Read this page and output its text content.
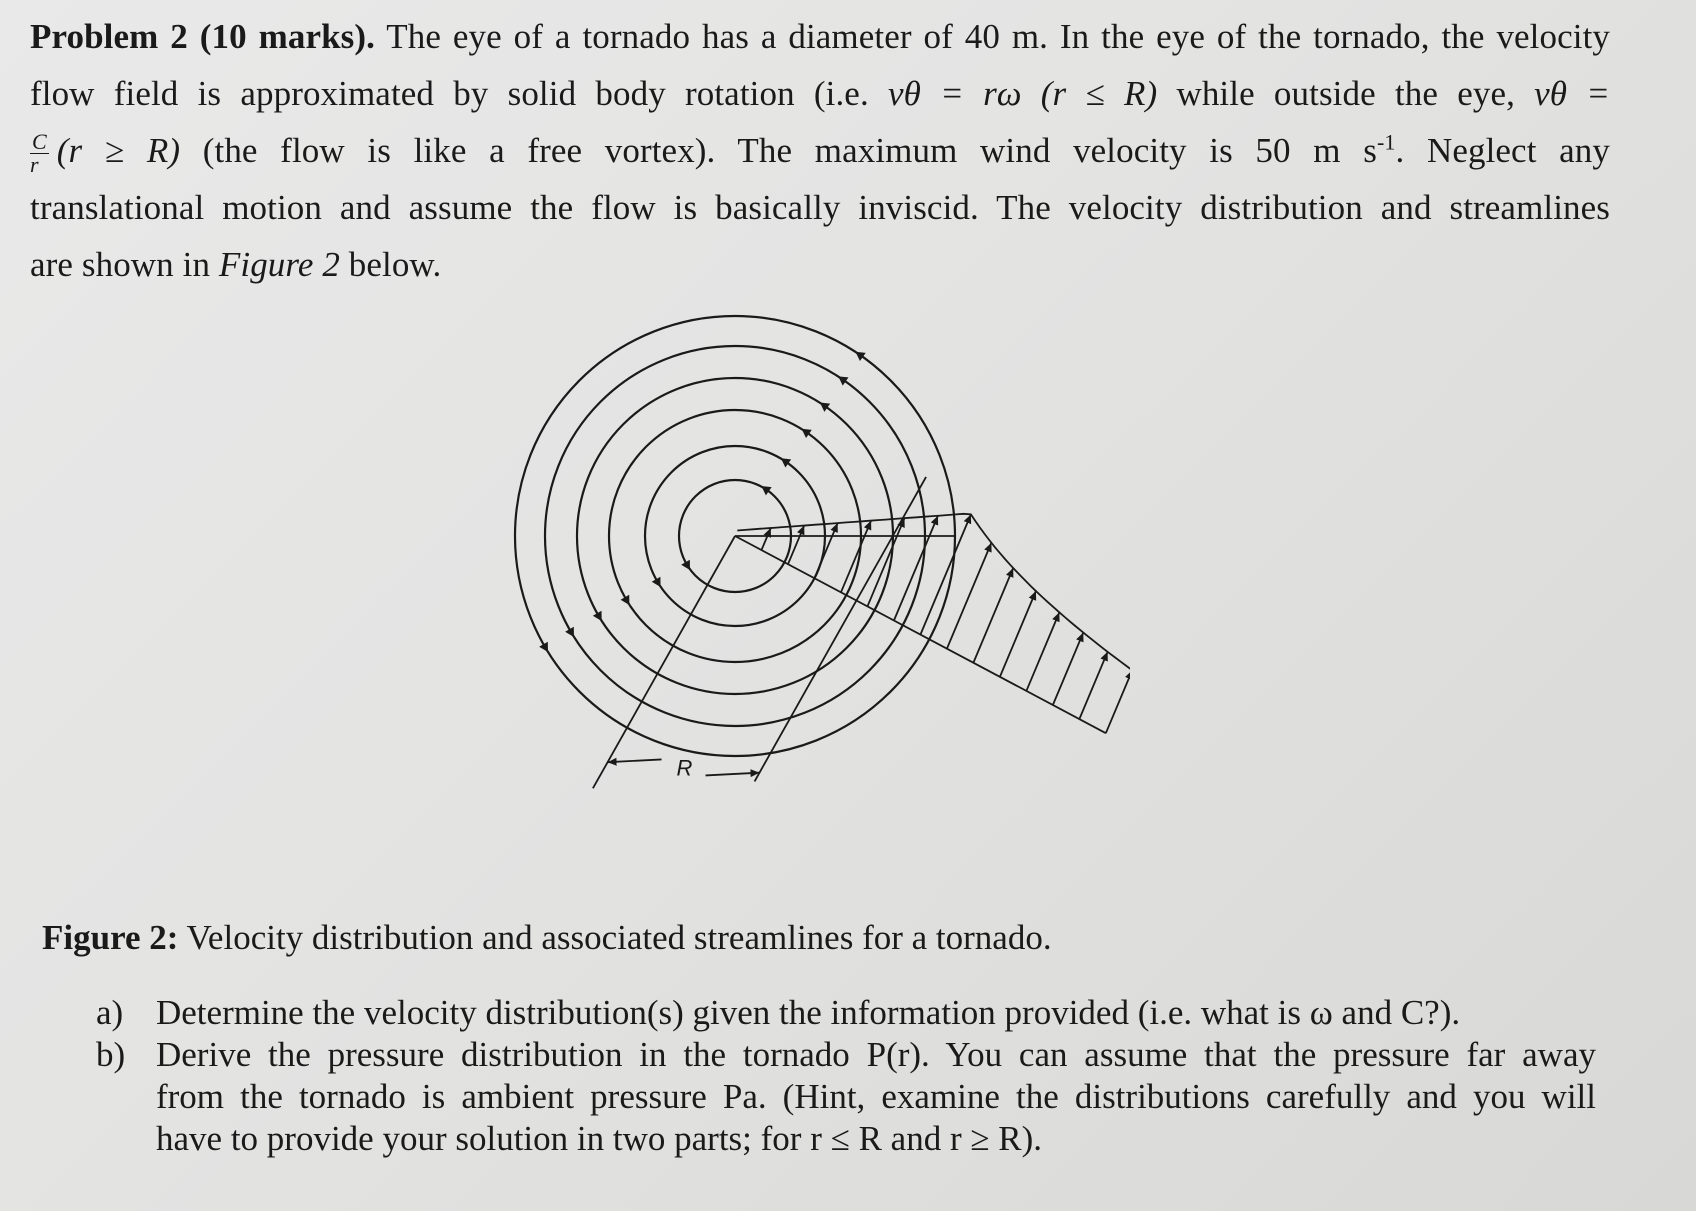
Problem 2 (10 marks). The eye of a tornado has a diameter of 40 m. In the eye of the tornado, the velocity
flow field is approximated by solid body rotation (i.e. vθ = rω (r ≤ R) while outside the eye, vθ =
$\frac{C}{r} (r \ge R)$ (the flow is like a free vortex). The maximum wind velocity is 50 m $s^{-1}$. Neglect any
translational motion and assume the flow is basically inviscid. The velocity distribution and streamlines
are shown in Figure 2 below.
R
Figure 2: Velocity distribution and associated streamlines for a tornado.
a) Determine the velocity distribution(s) given the information provided (i.e. what is ω and C?).
b) Derive the pressure distribution in the tornado P(r). You can assume that the pressure far away
from the tornado is ambient pressure Pa. (Hint, examine the distributions carefully and you will
have to provide your solution in two parts; for r ≤ R and r ≥ R).
